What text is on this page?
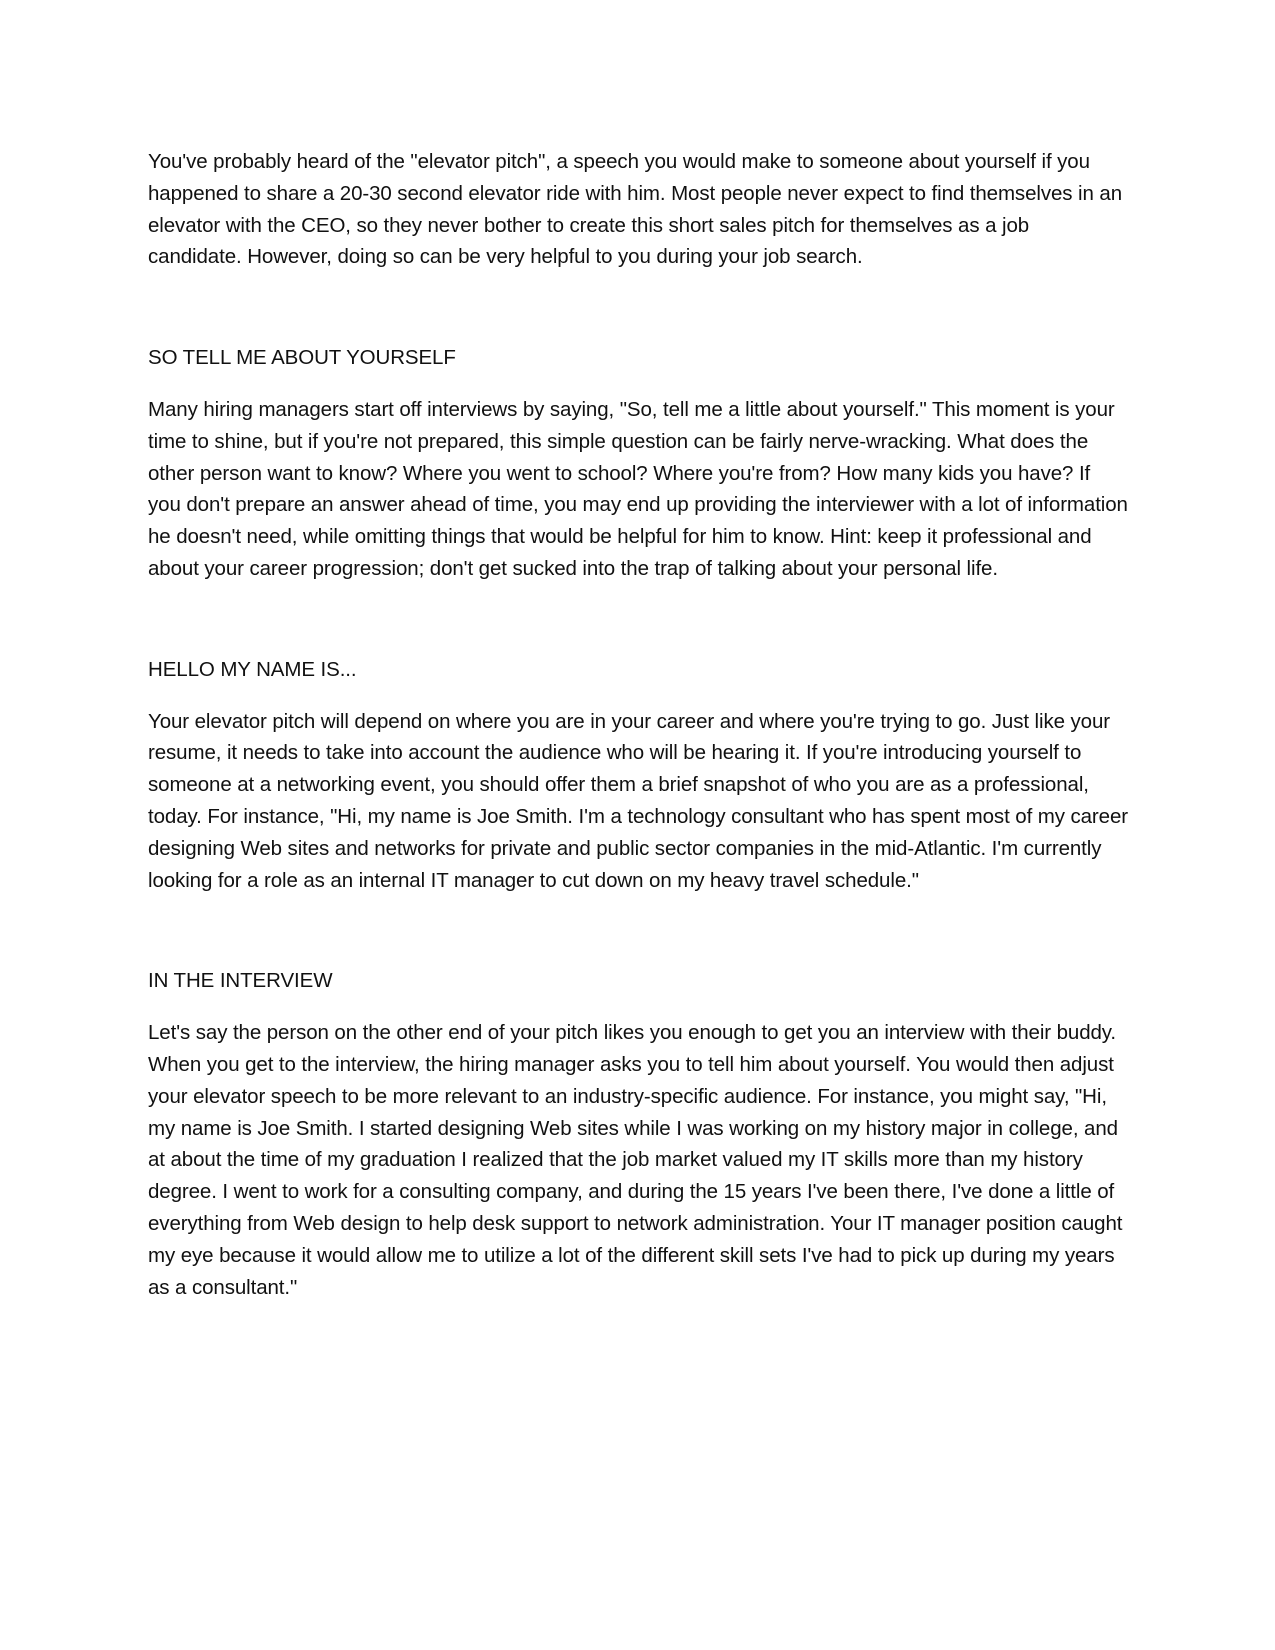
You've probably heard of the "elevator pitch", a speech you would make to someone about yourself if you happened to share a 20-30 second elevator ride with him. Most people never expect to find themselves in an elevator with the CEO, so they never bother to create this short sales pitch for themselves as a job candidate. However, doing so can be very helpful to you during your job search.

SO TELL ME ABOUT YOURSELF

Many hiring managers start off interviews by saying, "So, tell me a little about yourself." This moment is your time to shine, but if you're not prepared, this simple question can be fairly nerve-wracking. What does the other person want to know? Where you went to school? Where you're from? How many kids you have? If you don't prepare an answer ahead of time, you may end up providing the interviewer with a lot of information he doesn't need, while omitting things that would be helpful for him to know. Hint: keep it professional and about your career progression; don't get sucked into the trap of talking about your personal life.

HELLO MY NAME IS...

Your elevator pitch will depend on where you are in your career and where you're trying to go. Just like your resume, it needs to take into account the audience who will be hearing it. If you're introducing yourself to someone at a networking event, you should offer them a brief snapshot of who you are as a professional, today. For instance, "Hi, my name is Joe Smith. I'm a technology consultant who has spent most of my career designing Web sites and networks for private and public sector companies in the mid-Atlantic. I'm currently looking for a role as an internal IT manager to cut down on my heavy travel schedule."

IN THE INTERVIEW

Let's say the person on the other end of your pitch likes you enough to get you an interview with their buddy. When you get to the interview, the hiring manager asks you to tell him about yourself. You would then adjust your elevator speech to be more relevant to an industry-specific audience. For instance, you might say, "Hi, my name is Joe Smith. I started designing Web sites while I was working on my history major in college, and at about the time of my graduation I realized that the job market valued my IT skills more than my history degree. I went to work for a consulting company, and during the 15 years I've been there, I've done a little of everything from Web design to help desk support to network administration. Your IT manager position caught my eye because it would allow me to utilize a lot of the different skill sets I've had to pick up during my years as a consultant."
